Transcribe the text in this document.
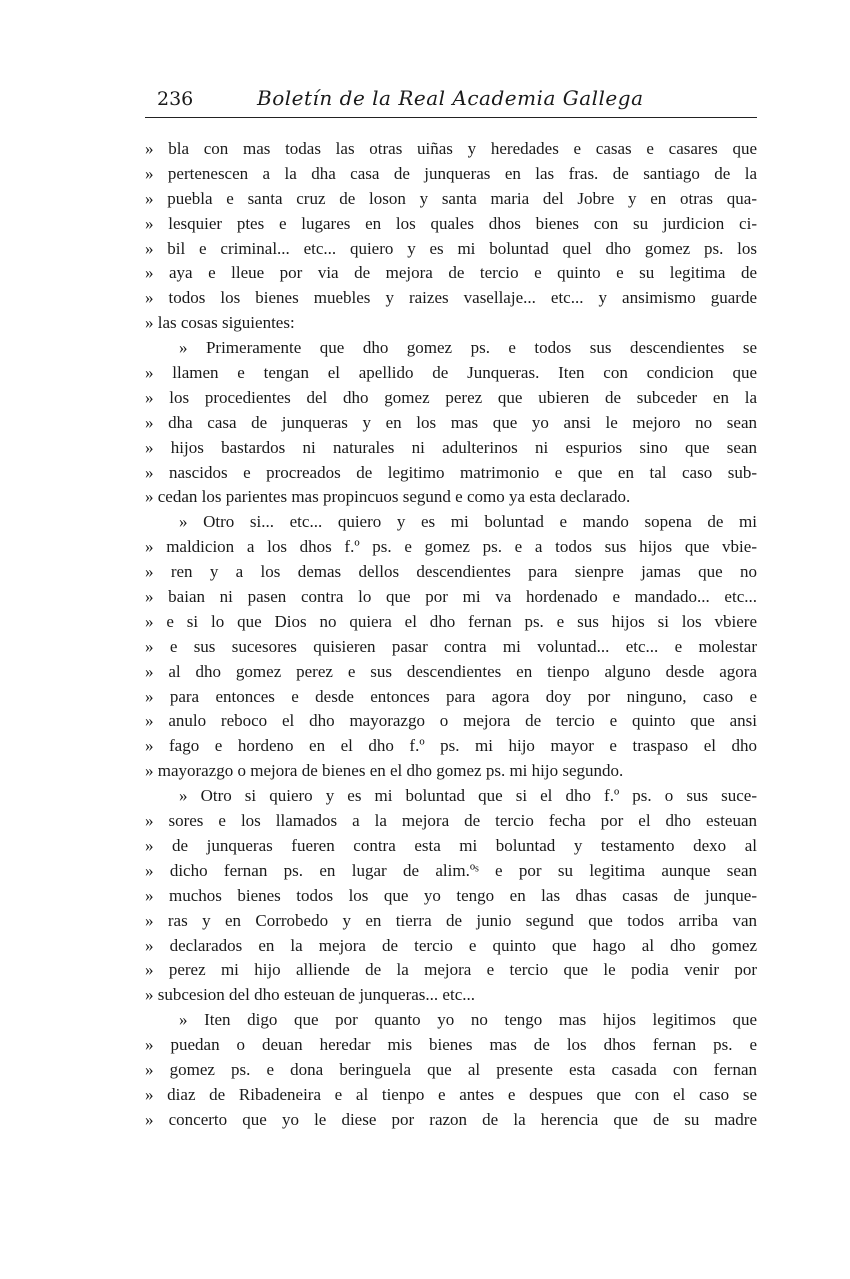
236	Boletín de la Real Academia Gallega
» bla con mas todas las otras uiñas y heredades e casas e casares que
» pertenescen a la dha casa de junqueras en las fras. de santiago de la
» puebla e santa cruz de loson y santa maria del Jobre y en otras qua-
» lesquier ptes e lugares en los quales dhos bienes con su jurdicion ci-
» bil e criminal... etc... quiero y es mi boluntad quel dho gomez ps. los
» aya e lleue por via de mejora de tercio e quinto e su legitima de
» todos los bienes muebles y raizes vasellaje... etc... y ansimismo guarde
» las cosas siguientes:
» Primeramente que dho gomez ps. e todos sus descendientes se
» llamen e tengan el apellido de Junqueras. Iten con condicion que
» los procedientes del dho gomez perez que ubieren de subceder en la
» dha casa de junqueras y en los mas que yo ansi le mejoro no sean
» hijos bastardos ni naturales ni adulterinos ni espurios sino que sean
» nascidos e procreados de legitimo matrimonio e que en tal caso sub-
» cedan los parientes mas propincuos segund e como ya esta declarado.
» Otro si... etc... quiero y es mi boluntad e mando sopena de mi
» maldicion a los dhos f.º ps. e gomez ps. e a todos sus hijos que vbie-
» ren y a los demas dellos descendientes para sienpre jamas que no
» baian ni pasen contra lo que por mi va hordenado e mandado... etc...
» e si lo que Dios no quiera el dho fernan ps. e sus hijos si los vbiere
» e sus sucesores quisieren pasar contra mi voluntad... etc... e molestar
» al dho gomez perez e sus descendientes en tienpo alguno desde agora
» para entonces e desde entonces para agora doy por ninguno, caso e
» anulo reboco el dho mayorazgo o mejora de tercio e quinto que ansi
» fago e hordeno en el dho f.º ps. mi hijo mayor e traspaso el dho
» mayorazgo o mejora de bienes en el dho gomez ps. mi hijo segundo.
» Otro si quiero y es mi boluntad que si el dho f.º ps. o sus suce-
» sores e los llamados a la mejora de tercio fecha por el dho esteuan
» de junqueras fueren contra esta mi boluntad y testamento dexo al
» dicho fernan ps. en lugar de alim.ºˢ e por su legitima aunque sean
» muchos bienes todos los que yo tengo en las dhas casas de junque-
» ras y en Corrobedo y en tierra de junio segund que todos arriba van
» declarados en la mejora de tercio e quinto que hago al dho gomez
» perez mi hijo alliende de la mejora e tercio que le podia venir por
» subcesion del dho esteuan de junqueras... etc...
» Iten digo que por quanto yo no tengo mas hijos legitimos que
» puedan o deuan heredar mis bienes mas de los dhos fernan ps. e
» gomez ps. e dona beringuela que al presente esta casada con fernan
» diaz de Ribadeneira e al tienpo e antes e despues que con el caso se
» concerto que yo le diese por razon de la herencia que de su madre
